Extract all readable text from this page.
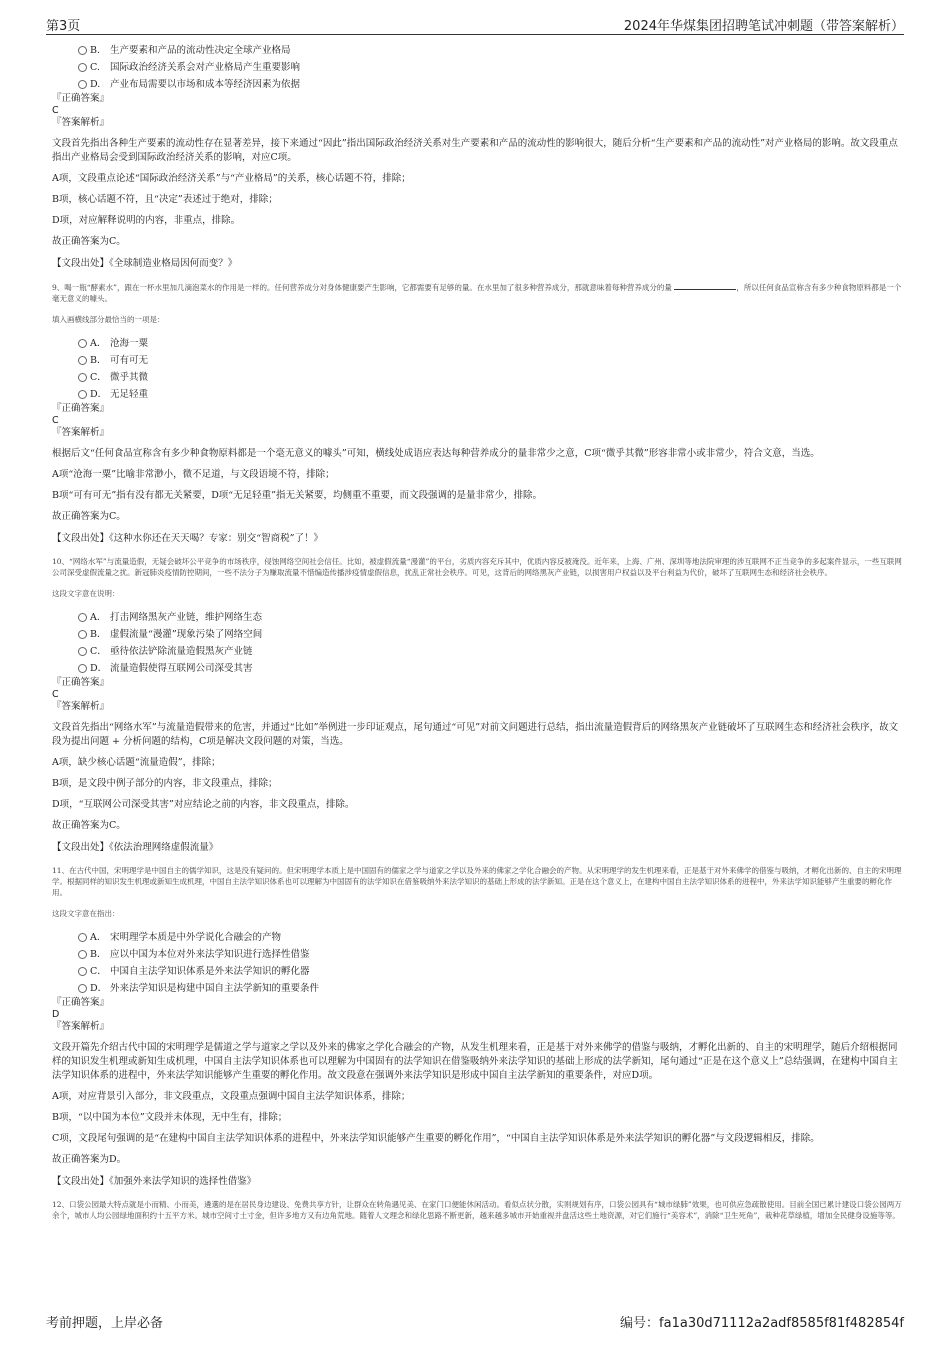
第3页	2024年华煤集团招聘笔试冲刺题（带答案解析）
B. 生产要素和产品的流动性决定全球产业格局
C. 国际政治经济关系会对产业格局产生重要影响
D. 产业布局需要以市场和成本等经济因素为依据
『正确答案』
C
『答案解析』
文段首先指出各种生产要素的流动性存在显著差异，接下来通过“因此”指出国际政治经济关系对生产要素和产品的流动性的影响很大，随后分析“生产要素和产品的流动性”对产业格局的影响。故文段重点指出产业格局会受到国际政治经济关系的影响，对应C项。
A项，文段重点论述“国际政治经济关系”与“产业格局”的关系，核心话题不符，排除；
B项，核心话题不符，且“决定”表述过于绝对，排除；
D项，对应解释说明的内容，非重点，排除。
故正确答案为C。
【文段出处】《全球制造业格局因何而变？》
9、喝一瓶“酵素水”，跟在一杯水里加几滴泡菜水的作用是一样的。任何营养成分对身体健康要产生影响，它都需要有足够的量。在水里加了很多种营养成分，那就意味着每种营养成分的量	，所以任何食品宣称含有多少种食物原料都是一个毫无意义的噱头。
填入画横线部分最恰当的一项是：
A． 沧海一粟
B． 可有可无
C． 微乎其微
D． 无足轻重
『正确答案』
C
『答案解析』
根据后文“任何食品宣称含有多少种食物原料都是一个毫无意义的噱头”可知，横线处成语应表达每种营养成分的量非常少之意，C项“微乎其微”形容非常小或非常少，符合文意，当选。
A项“沧海一粟”比喻非常渺小，微不足道，与文段语境不符，排除；
B项“可有可无”指有没有都无关紧要，D项“无足轻重”指无关紧要，均侧重不重要，而文段强调的是量非常少，排除。
故正确答案为C。
【文段出处】《这种水你还在天天喝？专家：别交“智商税”了！》
10、“网络水军”与流量造假，无疑会破坏公平竞争的市场秩序，侵蚀网络空间社会信任。比如，被虚假流量“漫灌”的平台，劣质内容充斥其中，优质内容反被淹没。近年来，上海、广州、深圳等地法院审理的涉互联网不正当竞争的多起案件显示，一些互联网公司深受虚假流量之扰。新冠肺炎疫情防控期间，一些不法分子为赚取流量不惜编造传播涉疫情虚假信息，扰乱正常社会秩序。可见，这背后的网络黑灰产业链，以损害用户权益以及平台利益为代价，破坏了互联网生态和经济社会秩序。
这段文字意在说明：
A． 打击网络黑灰产业链，维护网络生态
B． 虚假流量“漫灌”现象污染了网络空间
C． 亟待依法铲除流量造假黑灰产业链
D． 流量造假使得互联网公司深受其害
『正确答案』
C
『答案解析』
文段首先指出“网络水军”与流量造假带来的危害，并通过“比如”举例进一步印证观点，尾句通过“可见”对前文问题进行总结，指出流量造假背后的网络黑灰产业链破坏了互联网生态和经济社会秩序，故文段为提出问题 + 分析问题的结构，C项是解决文段问题的对策，当选。
A项，缺少核心话题“流量造假”，排除；
B项，是文段中例子部分的内容，非文段重点，排除；
D项，“互联网公司深受其害”对应结论之前的内容，非文段重点，排除。
故正确答案为C。
【文段出处】《依法治理网络虚假流量》
11、在古代中国，宋明理学是中国自主的儒学知识，这是没有疑问的。但宋明理学本质上是中国固有的儒家之学与道家之学以及外来的佛家之学化合融会的产物。从宋明理学的发生机理来看，正是基于对外来佛学的借鉴与吸纳，才孵化出新的、自主的宋明理学。根据同样的知识发生机理或新知生成机理，中国自主法学知识体系也可以理解为中国固有的法学知识在借鉴吸纳外来法学知识的基础上形成的法学新知。正是在这个意义上，在建构中国自主法学知识体系的进程中，外来法学知识能够产生重要的孵化作用。
这段文字意在指出：
A． 宋明理学本质是中外学说化合融会的产物
B． 应以中国为本位对外来法学知识进行选择性借鉴
C． 中国自主法学知识体系是外来法学知识的孵化器
D． 外来法学知识是构建中国自主法学新知的重要条件
『正确答案』
D
『答案解析』
文段开篇先介绍古代中国的宋明理学是儒道之学与道家之学以及外来的佛家之学化合融会的产物，从发生机理来看，正是基于对外来佛学的借鉴与吸纳，才孵化出新的、自主的宋明理学，随后介绍根据同样的知识发生机理或新知生成机理，中国自主法学知识体系也可以理解为中国固有的法学知识在借鉴吸纳外来法学知识的基础上形成的法学新知，尾句通过“正是在这个意义上”总结强调，在建构中国自主法学知识体系的进程中，外来法学知识能够产生重要的孵化作用。故文段意在强调外来法学知识是形成中国自主法学新知的重要条件，对应D项。
A项，对应背景引入部分，非文段重点，文段重点强调中国自主法学知识体系，排除；
B项，“以中国为本位”文段并未体现，无中生有，排除；
C项，文段尾句强调的是“在建构中国自主法学知识体系的进程中，外来法学知识能够产生重要的孵化作用”，“中国自主法学知识体系是外来法学知识的孵化器”与文段逻辑相反，排除。
故正确答案为D。
【文段出处】《加强外来法学知识的选择性借鉴》
12、口袋公园最大特点就是小而精、小而美，遴選的是在居民身边建设、免费共享方针，让群众在转角遇见美、在家门口便能休闲活动。看似点状分散，实则规划有序，口袋公园具有“城市绿肺”效果，也可供应急疏散使用。目前全国已累计建设口袋公园两万余个，城市人均公园绿地面积约十五平方米。城市空间寸土寸金，但许多地方又有边角荒地。随着人文理念和绿化思路不断更新，越来越多城市开始重视并盘活这些土地资源，对它们施行“美容术”，消除“卫生死角”，栽种花草绿植，增加全民健身设施等等。
考前押题，上岸必备	编号：fa1a30d71112a2adf8585f81f482854f
